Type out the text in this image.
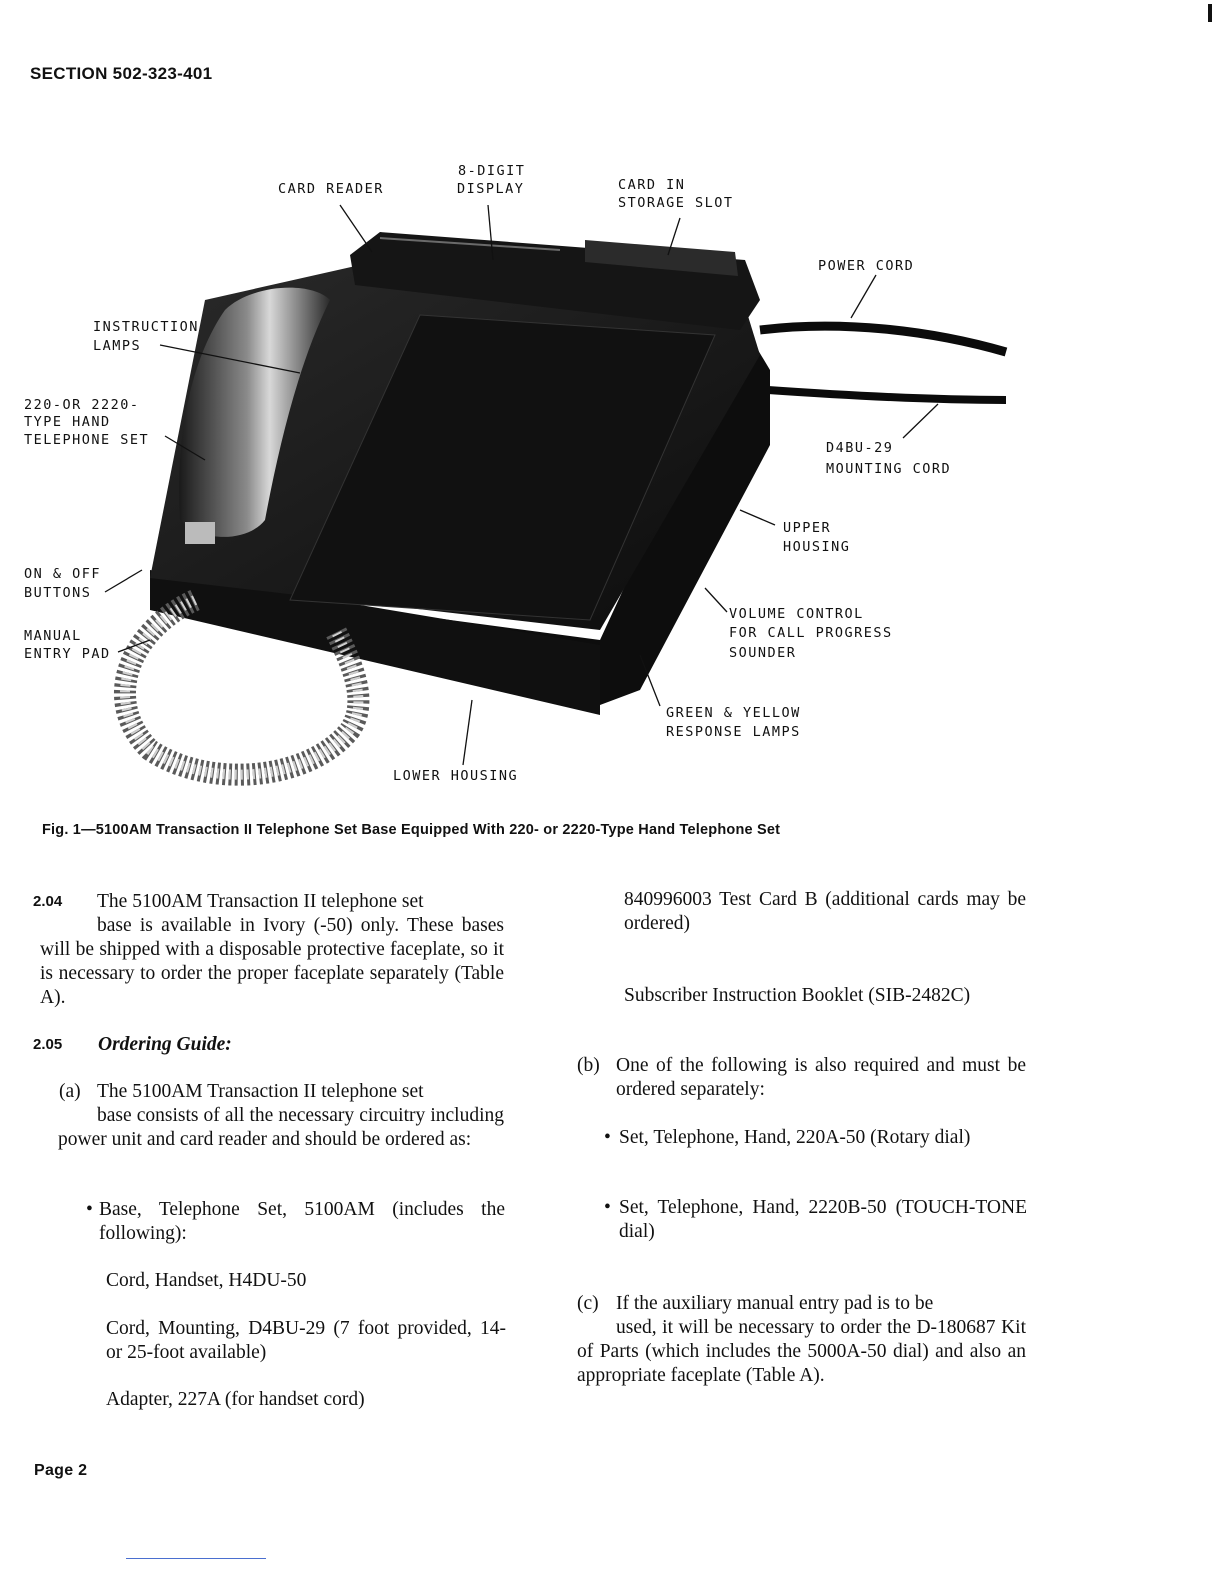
SECTION 502-323-401
CARD READER
8-DIGIT
DISPLAY	CARD IN
STORAGE SLOT
POWER CORD
INSTRUCTION
LAMPS
220-OR 2220-
TYPE HAND
TELEPHONE SET	D4BU-29
MOUNTING CORD
UPPER
HOUSING
ON & OFF
BUTTONS
VOLUME CONTROL
FOR CALL PROGRESS
SOUNDER
MANUAL
ENTRY PAD
GREEN & YELLOW
RESPONSE LAMPS
LOWER HOUSING
Fig. 1—5100AM Transaction II Telephone Set Base Equipped With 220- or 2220-Type Hand Telephone Set
2.04 The 5100AM Transaction II telephone set
base is available in Ivory (-50) only. These bases will be shipped with a disposable protective faceplate, so it is necessary to order the proper faceplate separately (Table A).
2.05 Ordering Guide:
(a) The 5100AM Transaction II telephone set
base consists of all the necessary circuitry including power unit and card reader and should be ordered as:
• Base, Telephone Set, 5100AM (includes the following):
Cord, Handset, H4DU-50
Cord, Mounting, D4BU-29 (7 foot provided, 14- or 25-foot available)
Adapter, 227A (for handset cord)
840996003 Test Card B (additional cards may be ordered)
Subscriber Instruction Booklet (SIB-2482C)
(b) One of the following is also required and must be ordered separately:
• Set, Telephone, Hand, 220A-50 (Rotary dial)
• Set, Telephone, Hand, 2220B-50 (TOUCH-TONE dial)
(c) If the auxiliary manual entry pad is to be
used, it will be necessary to order the D-180687 Kit of Parts (which includes the 5000A-50 dial) and also an appropriate faceplate (Table A).
Page 2
